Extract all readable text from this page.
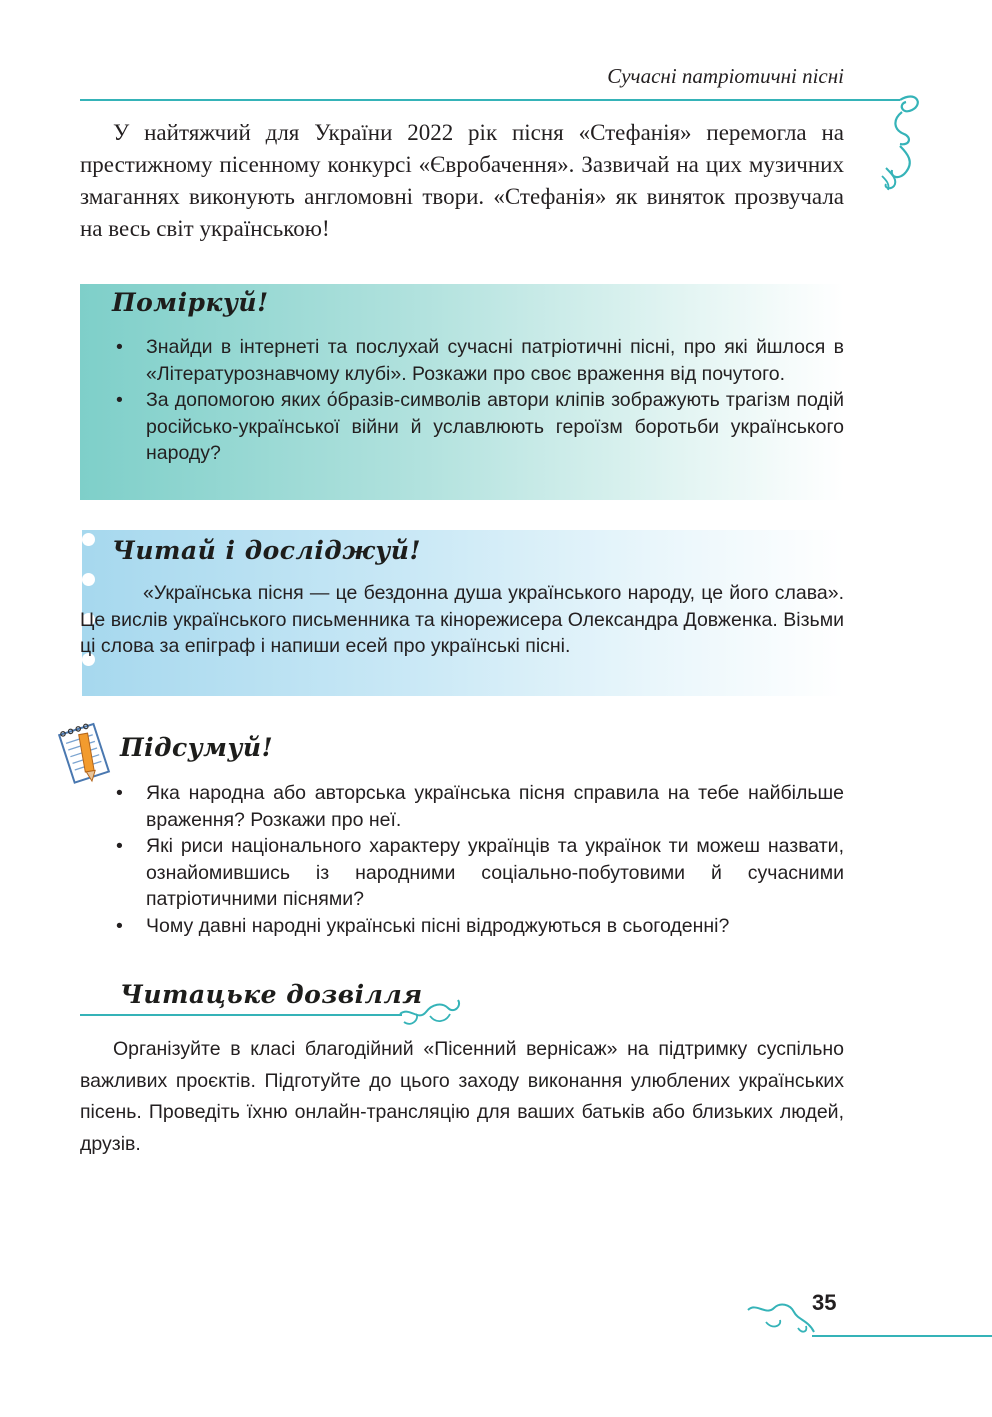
Сучасні патріотичні пісні
У найтяжчий для України 2022 рік пісня «Стефанія» перемогла на престижному пісенному конкурсі «Євробачення». Зазвичай на цих музичних змаганнях виконують англомовні твори. «Стефанія» як виняток прозвучала на весь світ українською!
Поміркуй!
• Знайди в інтернеті та послухай сучасні патріотичні пісні, про які йшлося в «Літературознавчому клубі». Розкажи про своє враження від почутого.
• За допомогою яких о́бразів-символів автори кліпів зображують трагізм подій російсько-української війни й уславлюють героїзм боротьби українського народу?
Читай і досліджуй!
«Українська пісня — це бездонна душа українського народу, це його слава». Це вислів українського письменника та кінорежисера Олександра Довженка. Візьми ці слова за епіграф і напиши есей про українські пісні.
Підсумуй!
• Яка народна або авторська українська пісня справила на тебе найбільше враження? Розкажи про неї.
• Які риси національного характеру українців та українок ти можеш назвати, ознайомившись із народними соціально-побутовими й сучасними патріотичними піснями?
• Чому давні народні українські пісні відроджуються в сьогоденні?
Читацьке дозвілля
Організуйте в класі благодійний «Пісенний вернісаж» на підтримку суспільно важливих проєктів. Підготуйте до цього заходу виконання улюблених українських пісень. Проведіть їхню онлайн-трансляцію для ваших батьків або близьких людей, друзів.
35
